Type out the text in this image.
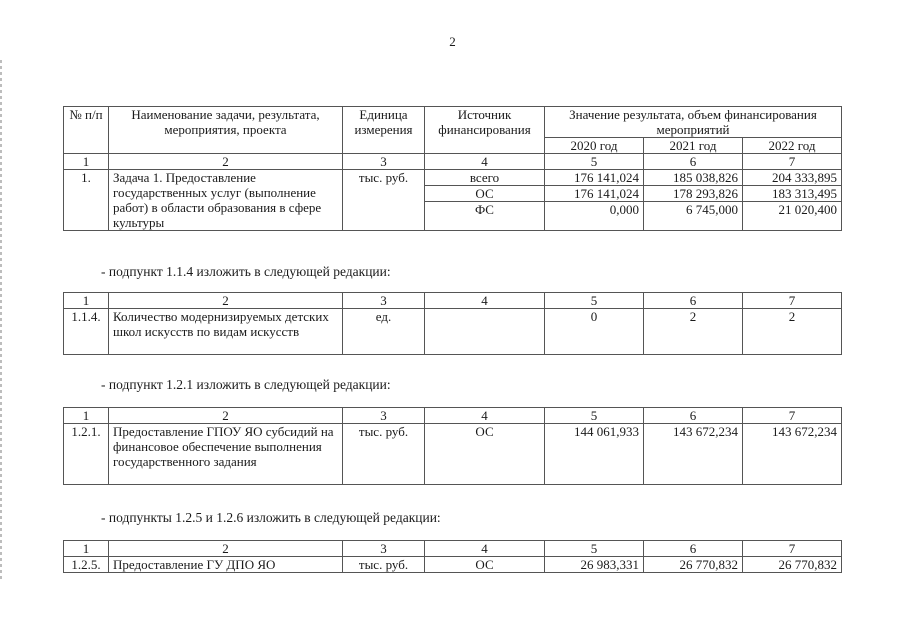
2
№ п/п	Наименование задачи, результата, мероприятия, проекта	Единица измерения	Источник финансирования	Значение результата, объем финансирования мероприятий		
				2020 год	2021 год	2022 год
1	2	3	4	5	6	7
1.	Задача 1. Предоставление государственных услуг (выполнение работ) в области образования в сфере культуры	тыс. руб.	всего	176 141,024	185 038,826	204 333,895
			ОС	176 141,024	178 293,826	183 313,495
			ФС	0,000	6 745,000	21 020,400
- подпункт 1.1.4 изложить в следующей редакции:
1	2	3	4	5	6	7
1.1.4.	Количество модернизируемых детских школ искусств по видам искусств	ед.		0	2	2
- подпункт 1.2.1 изложить в следующей редакции:
1	2	3	4	5	6	7
1.2.1.	Предоставление ГПОУ ЯО субсидий на финансовое обеспечение выполнения государственного задания	тыс. руб.	ОС	144 061,933	143 672,234	143 672,234
- подпункты 1.2.5 и 1.2.6 изложить в следующей редакции:
1	2	3	4	5	6	7
1.2.5.	Предоставление ГУ ДПО ЯО	тыс. руб.	ОС	26 983,331	26 770,832	26 770,832
